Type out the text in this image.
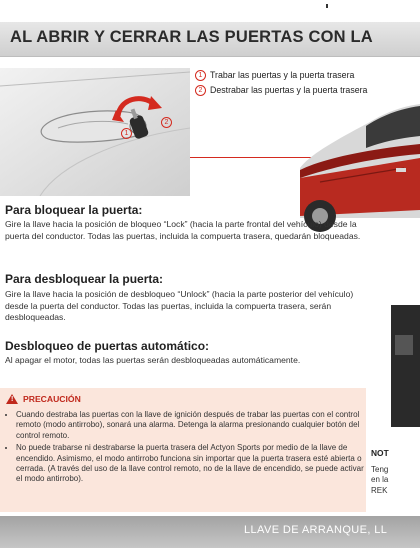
AL ABRIR Y CERRAR LAS PUERTAS CON LA
1
2
1 Trabar las puertas y la puerta trasera
2 Destrabar las puertas y la puerta trasera
Para bloquear la puerta:
Gire la llave hacia la posición de bloqueo “Lock” (hacia la parte frontal del vehículo) desde la puerta del conductor. Todas las puertas, incluida la compuerta trasera, quedarán bloqueadas.
Para desbloquear la puerta:
Gire la llave hacia la posición de desbloqueo “Unlock” (hacia la parte posterior del vehículo) desde la puerta del conductor. Todas las puertas, incluida la compuerta trasera, serán desbloqueadas.
Desbloqueo de puertas automático:
Al apagar el motor, todas las puertas serán desbloqueadas automáticamente.
! PRECAUCIÓN
• Cuando destraba las puertas con la llave de ignición después de trabar las puertas con el control remoto (modo antirrobo), sonará una alarma. Detenga la alarma presionando cualquier botón del control remoto.
• No puede trabarse ni destrabarse la puerta trasera del Actyon Sports por medio de la llave de encendido. Asimismo, el modo antirrobo funciona sin importar que la puerta trasera esté abierta o cerrada. (A través del uso de la llave control remoto, no de la llave de encendido, se puede activar el modo antirrobo).
NOT
Teng
en la
REK
LLAVE DE ARRANQUE, LL
